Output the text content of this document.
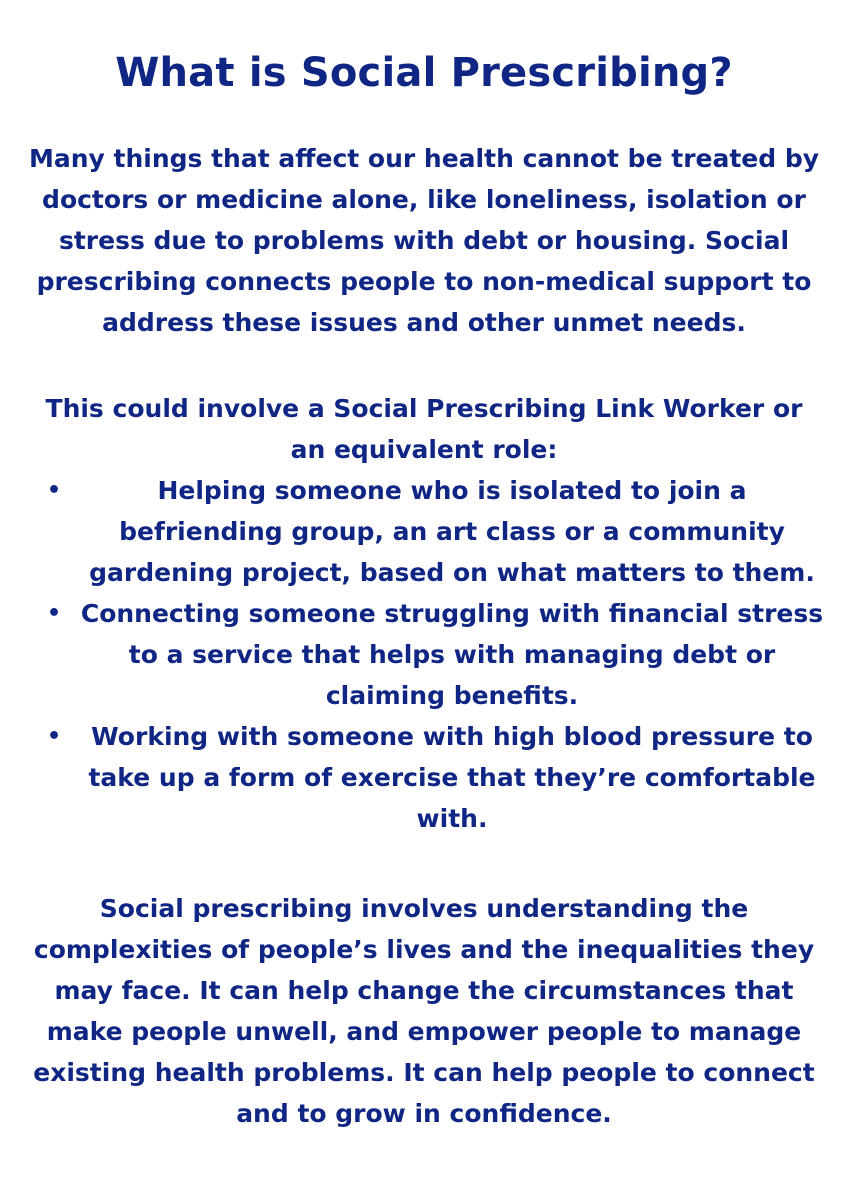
What is Social Prescribing?

Many things that affect our health cannot be treated by doctors or medicine alone, like loneliness, isolation or stress due to problems with debt or housing. Social prescribing connects people to non-medical support to address these issues and other unmet needs.

This could involve a Social Prescribing Link Worker or an equivalent role:

•	Helping someone who is isolated to join a befriending group, an art class or a community gardening project, based on what matters to them.
• Connecting someone struggling with financial stress to a service that helps with managing debt or claiming benefits.
• Working with someone with high blood pressure to take up a form of exercise that they’re comfortable with.

Social prescribing involves understanding the complexities of people’s lives and the inequalities they may face. It can help change the circumstances that make people unwell, and empower people to manage existing health problems. It can help people to connect and to grow in confidence.
